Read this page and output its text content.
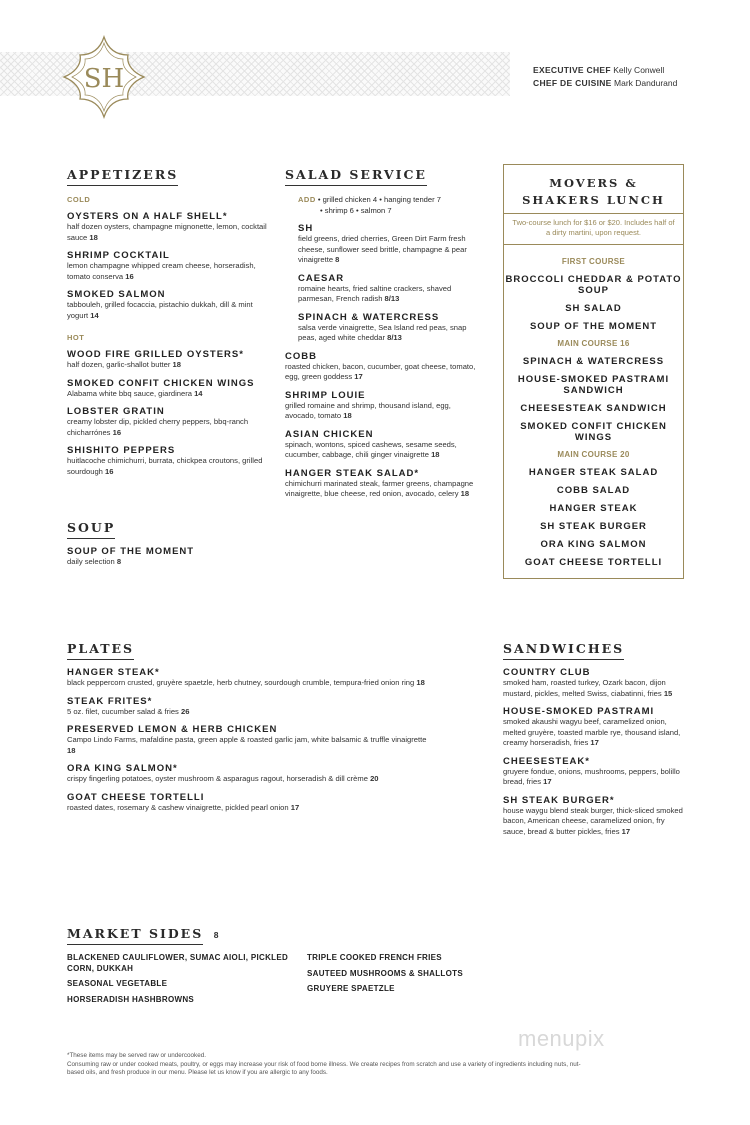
SH	EXECUTIVE CHEF Kelly Conwell
CHEF DE CUISINE Mark Dandurand
APPETIZERS
COLD
OYSTERS ON A HALF SHELL*
half dozen oysters, champagne mignonette, lemon, cocktail sauce 18
SHRIMP COCKTAIL
lemon champagne whipped cream cheese, horseradish, tomato conserva 16
SMOKED SALMON
tabbouleh, grilled focaccia, pistachio dukkah, dill & mint yogurt 14
HOT
WOOD FIRE GRILLED OYSTERS*
half dozen, garlic-shallot butter 18
SMOKED CONFIT CHICKEN WINGS
Alabama white bbq sauce, giardinera 14
LOBSTER GRATIN
creamy lobster dip, pickled cherry peppers, bbq-ranch chicharrónes 16
SHISHITO PEPPERS
huitlacoche chimichurri, burrata, chickpea croutons, grilled sourdough 16
SOUP
SOUP OF THE MOMENT
daily selection 8
SALAD SERVICE
ADD • grilled chicken 4 • hanging tender 7
• shrimp 6 • salmon 7
SH
field greens, dried cherries, Green Dirt Farm fresh cheese, sunflower seed brittle, champagne & pear vinaigrette 8
CAESAR
romaine hearts, fried saltine crackers, shaved parmesan, French radish 8/13
SPINACH & WATERCRESS
salsa verde vinaigrette, Sea Island red peas, snap peas, aged white cheddar 8/13
COBB
roasted chicken, bacon, cucumber, goat cheese, tomato, egg, green goddess 17
SHRIMP LOUIE
grilled romaine and shrimp, thousand island, egg, avocado, tomato 18
ASIAN CHICKEN
spinach, wontons, spiced cashews, sesame seeds, cucumber, cabbage, chili ginger vinaigrette 18
HANGER STEAK SALAD*
chimichurri marinated steak, farmer greens, champagne vinaigrette, blue cheese, red onion, avocado, celery 18
MOVERS &
SHAKERS LUNCH
Two-course lunch for $16 or $20. Includes half of a dirty martini, upon request.
FIRST COURSE
BROCCOLI CHEDDAR & POTATO SOUP
SH SALAD
SOUP OF THE MOMENT
MAIN COURSE 16
SPINACH & WATERCRESS
HOUSE-SMOKED PASTRAMI SANDWICH
CHEESESTEAK SANDWICH
SMOKED CONFIT CHICKEN WINGS
MAIN COURSE 20
HANGER STEAK SALAD
COBB SALAD
HANGER STEAK
SH STEAK BURGER
ORA KING SALMON
GOAT CHEESE TORTELLI
PLATES
HANGER STEAK*
black peppercorn crusted, gruyère spaetzle, herb chutney, sourdough crumble, tempura-fried onion ring 18
STEAK FRITES*
5 oz. filet, cucumber salad & fries 26
PRESERVED LEMON & HERB CHICKEN
Campo Lindo Farms, mafaldine pasta, green apple & roasted garlic jam, white balsamic & truffle vinaigrette 18
ORA KING SALMON*
crispy fingerling potatoes, oyster mushroom & asparagus ragout, horseradish & dill crème 20
GOAT CHEESE TORTELLI
roasted dates, rosemary & cashew vinaigrette, pickled pearl onion 17
SANDWICHES
COUNTRY CLUB
smoked ham, roasted turkey, Ozark bacon, dijon mustard, pickles, melted Swiss, ciabatinni, fries 15
HOUSE-SMOKED PASTRAMI
smoked akaushi wagyu beef, caramelized onion, melted gruyère, toasted marble rye, thousand island, creamy horseradish, fries 17
CHEESESTEAK*
gruyere fondue, onions, mushrooms, peppers, bolillo bread, fries 17
SH STEAK BURGER*
house waygu blend steak burger, thick-sliced smoked bacon, American cheese, caramelized onion, fry sauce, bread & butter pickles, fries 17
MARKET SIDES 8
BLACKENED CAULIFLOWER, SUMAC AIOLI, PICKLED CORN, DUKKAH
SEASONAL VEGETABLE
HORSERADISH HASHBROWNS
TRIPLE COOKED FRENCH FRIES
SAUTEED MUSHROOMS & SHALLOTS
GRUYERE SPAETZLE
*These items may be served raw or undercooked.
Consuming raw or under cooked meats, poultry, or eggs may increase your risk of food borne illness. We create recipes from scratch and use a variety of ingredients including nuts, nut-based oils, and fresh produce in our menu. Please let us know if you are allergic to any foods.
menupix
